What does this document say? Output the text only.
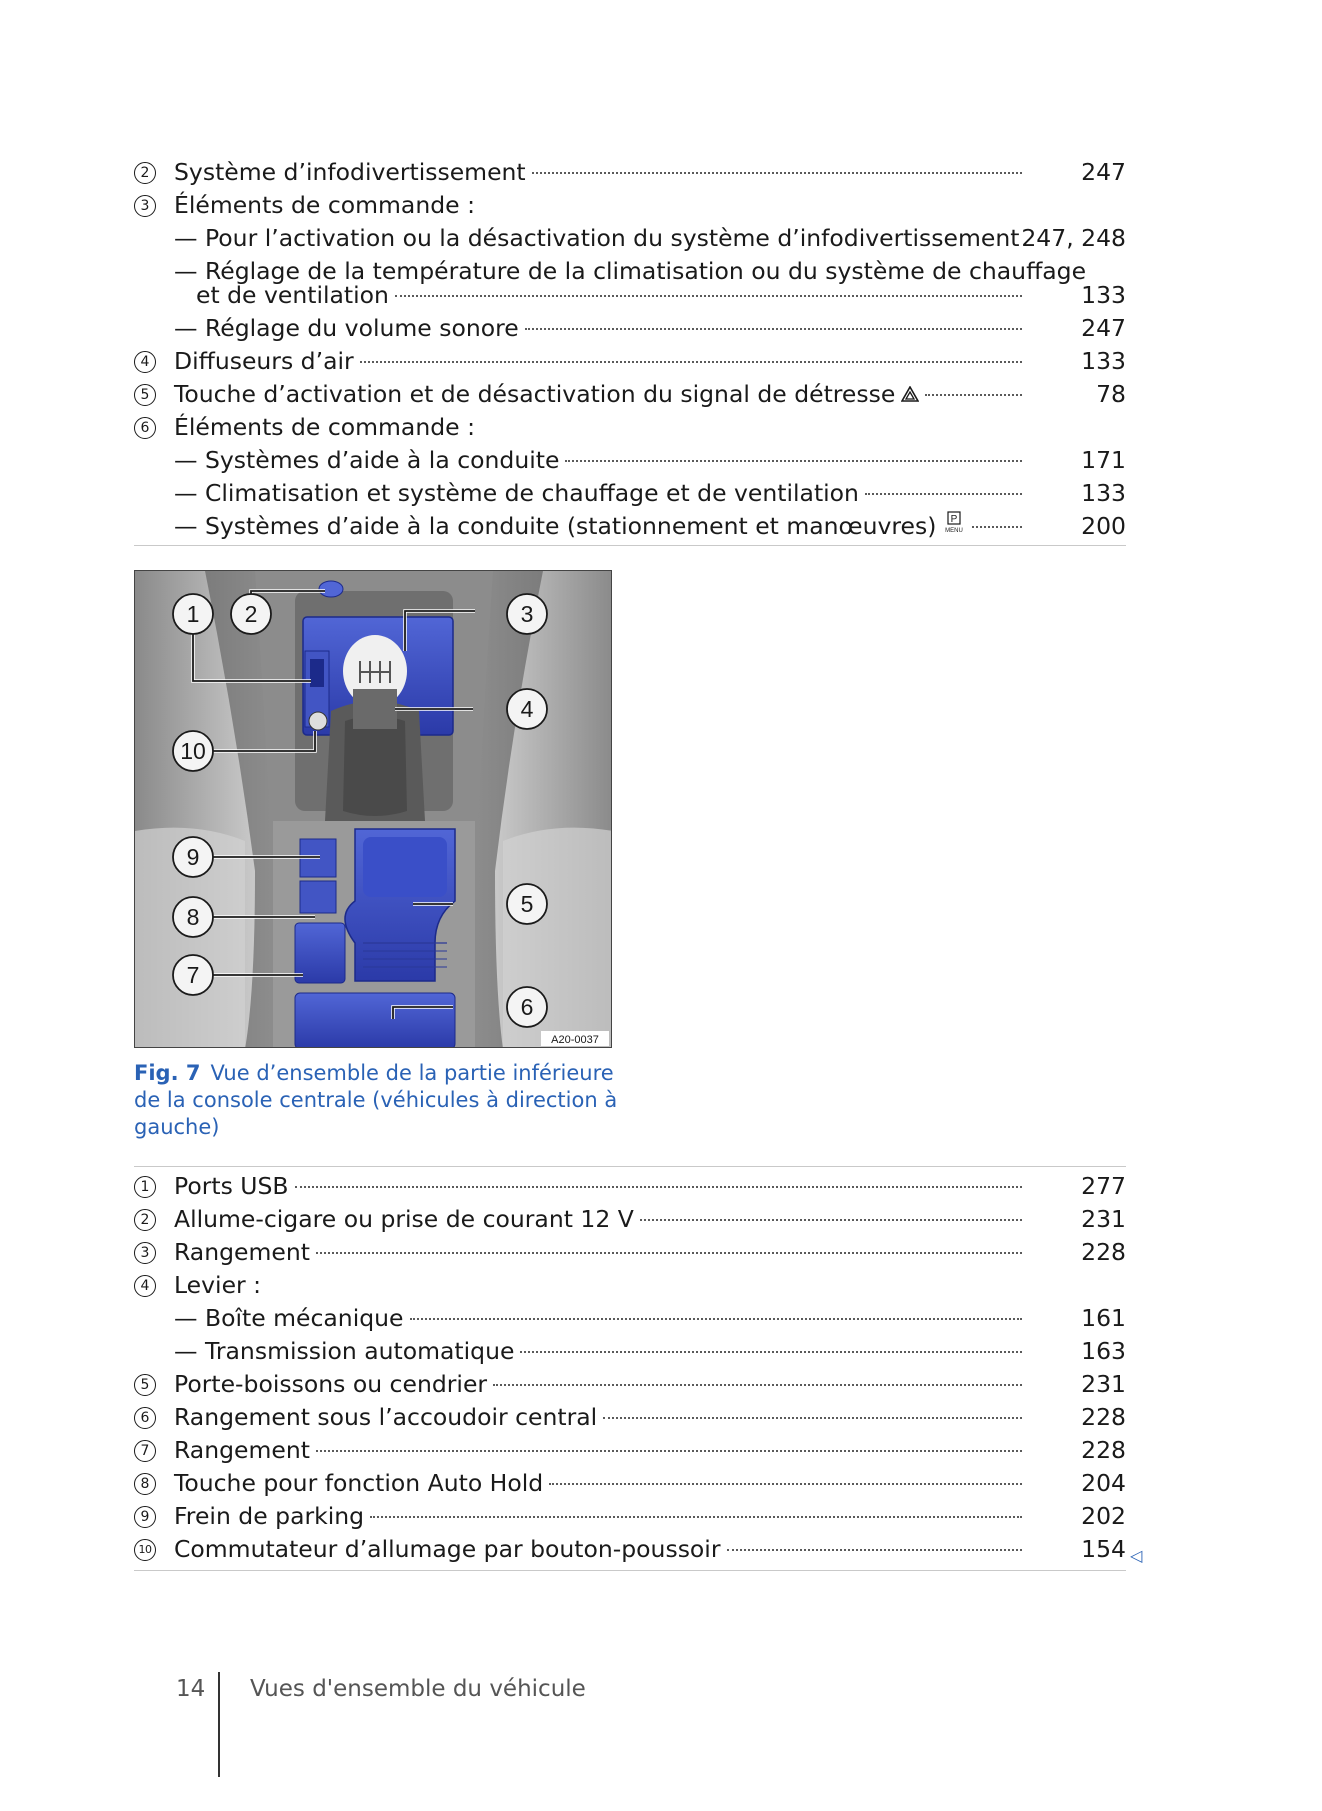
2 Système d’infodivertissement	247
3 Éléments de commande :
— Pour l’activation ou la désactivation du système d’infodivertissement 247, 248
— Réglage de la température de la climatisation ou du système de chauffage
et de ventilation	133
— Réglage du volume sonore	247
4 Diffuseurs d’air	133
5 Touche d’activation et de désactivation du signal de détresse	78
6 Éléments de commande :
— Systèmes d’aide à la conduite	171
— Climatisation et système de chauffage et de ventilation	133
— Systèmes d’aide à la conduite (stationnement et manœuvres) P
MENU	200
1 2	3
4
5
6
7
8
9
10
A20-0037
Fig. 7 Vue d’ensemble de la partie inférieure de la console centrale (véhicules à direction à gauche)
1 Ports USB	277
2 Allume-cigare ou prise de courant 12 V	231
3 Rangement	228
4 Levier :
— Boîte mécanique	161
— Transmission automatique	163
5 Porte-boissons ou cendrier	231
6 Rangement sous l’accoudoir central	228
7 Rangement	228
8 Touche pour fonction Auto Hold	204
9 Frein de parking	202
10 Commutateur d’allumage par bouton-poussoir	154 ◁
14 Vues d'ensemble du véhicule
